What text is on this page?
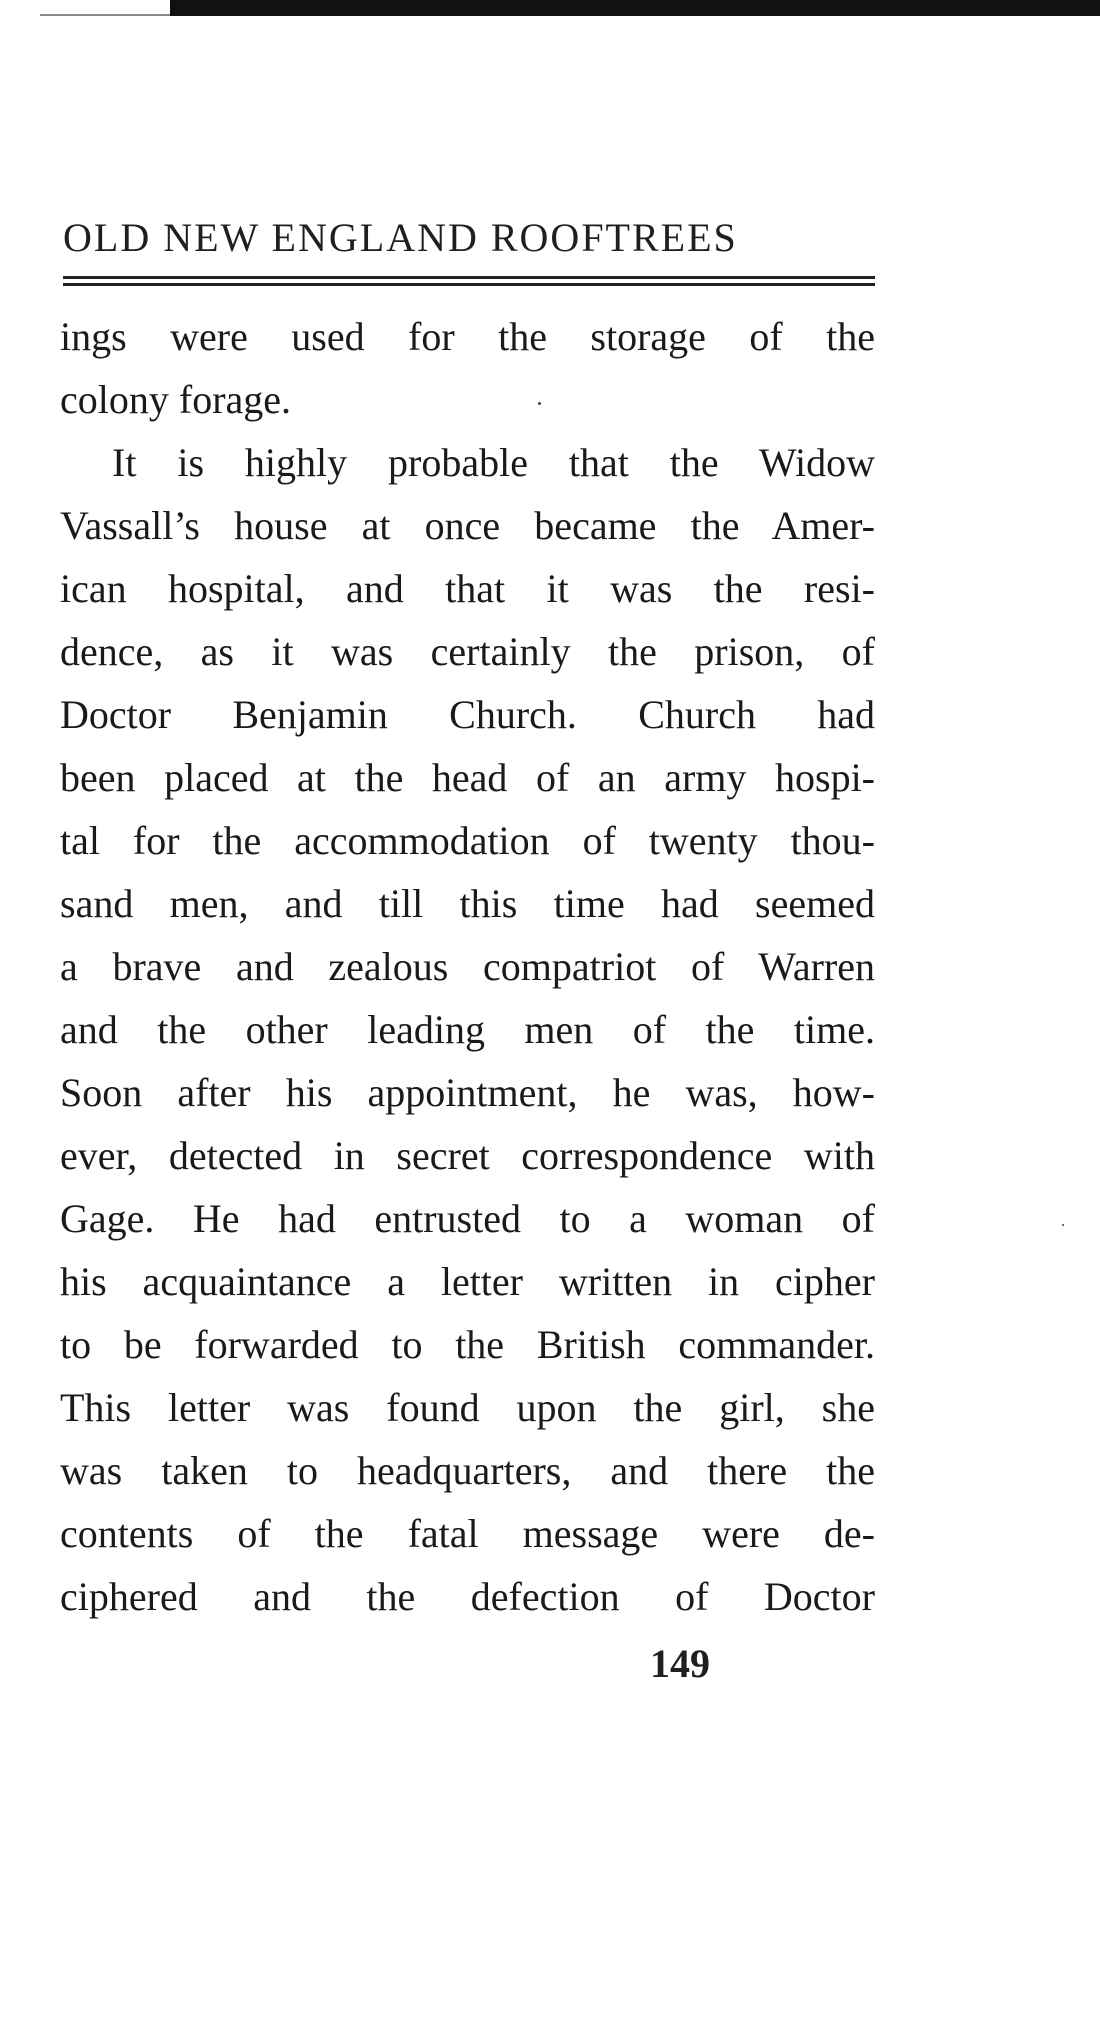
OLD NEW ENGLAND ROOFTREES
ings were used for the storage of the
colony forage.
It is highly probable that the Widow
Vassall’s house at once became the Amer-
ican hospital, and that it was the resi-
dence, as it was certainly the prison, of
Doctor Benjamin Church. Church had
been placed at the head of an army hospi-
tal for the accommodation of twenty thou-
sand men, and till this time had seemed
a brave and zealous compatriot of Warren
and the other leading men of the time.
Soon after his appointment, he was, how-
ever, detected in secret correspondence with
Gage. He had entrusted to a woman of
his acquaintance a letter written in cipher
to be forwarded to the British commander.
This letter was found upon the girl, she
was taken to headquarters, and there the
contents of the fatal message were de-
ciphered and the defection of Doctor
149
